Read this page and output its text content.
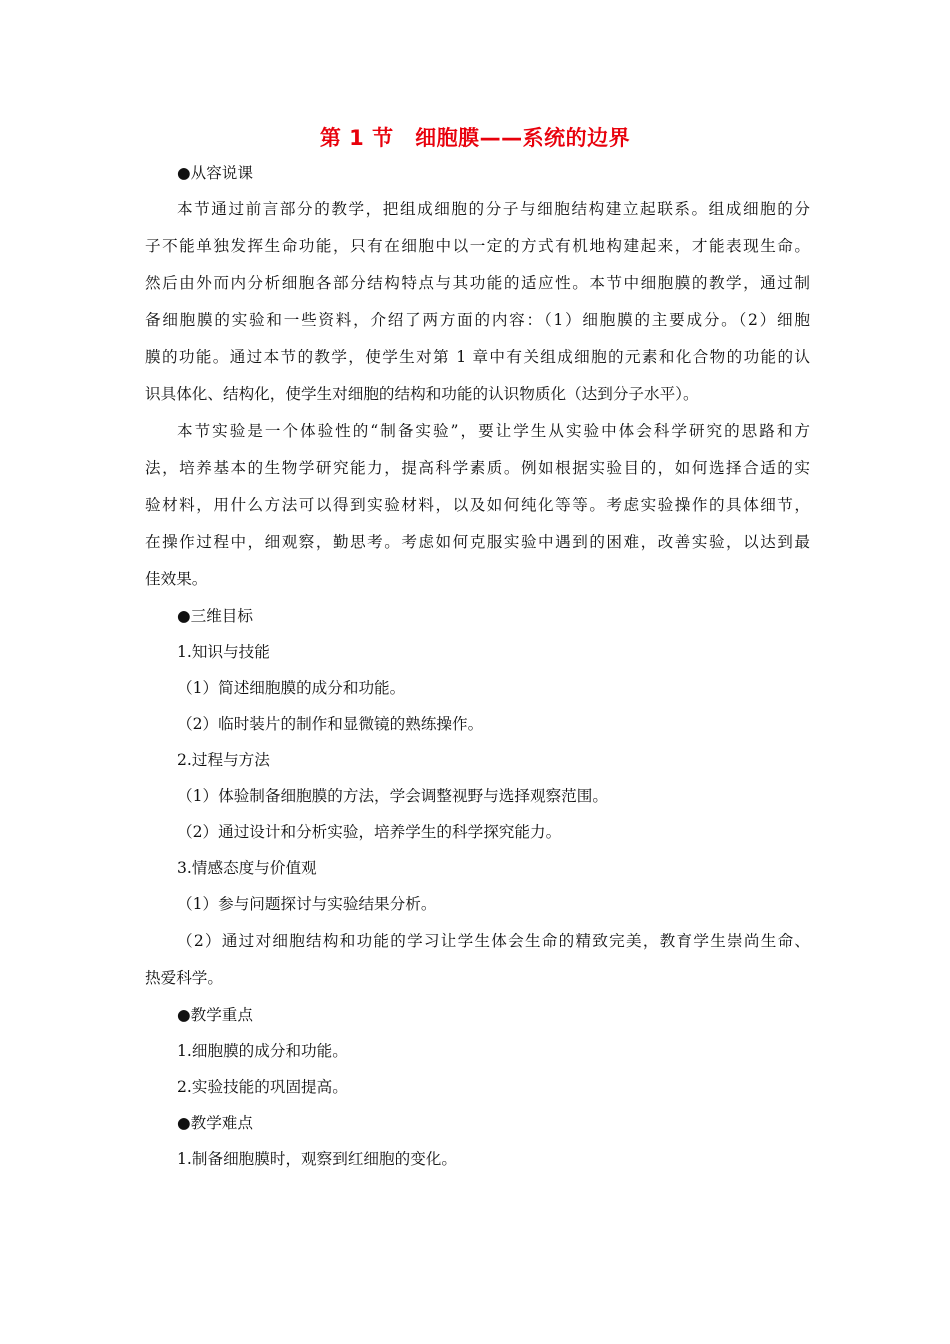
第 1 节　细胞膜——系统的边界
●从容说课
本节通过前言部分的教学，把组成细胞的分子与细胞结构建立起联系。组成细胞的分
子不能单独发挥生命功能，只有在细胞中以一定的方式有机地构建起来，才能表现生命。
然后由外而内分析细胞各部分结构特点与其功能的适应性。本节中细胞膜的教学，通过制
备细胞膜的实验和一些资料，介绍了两方面的内容：（1）细胞膜的主要成分。（2）细胞
膜的功能。通过本节的教学，使学生对第 1 章中有关组成细胞的元素和化合物的功能的认
识具体化、结构化，使学生对细胞的结构和功能的认识物质化（达到分子水平）。
本节实验是一个体验性的“制备实验”，要让学生从实验中体会科学研究的思路和方
法，培养基本的生物学研究能力，提高科学素质。例如根据实验目的，如何选择合适的实
验材料，用什么方法可以得到实验材料，以及如何纯化等等。考虑实验操作的具体细节，
在操作过程中，细观察，勤思考。考虑如何克服实验中遇到的困难，改善实验，以达到最
佳效果。
●三维目标
1.知识与技能
（1）简述细胞膜的成分和功能。
（2）临时装片的制作和显微镜的熟练操作。
2.过程与方法
（1）体验制备细胞膜的方法，学会调整视野与选择观察范围。
（2）通过设计和分析实验，培养学生的科学探究能力。
3.情感态度与价值观
（1）参与问题探讨与实验结果分析。
（2）通过对细胞结构和功能的学习让学生体会生命的精致完美，教育学生崇尚生命、
热爱科学。
●教学重点
1.细胞膜的成分和功能。
2.实验技能的巩固提高。
●教学难点
1.制备细胞膜时，观察到红细胞的变化。
